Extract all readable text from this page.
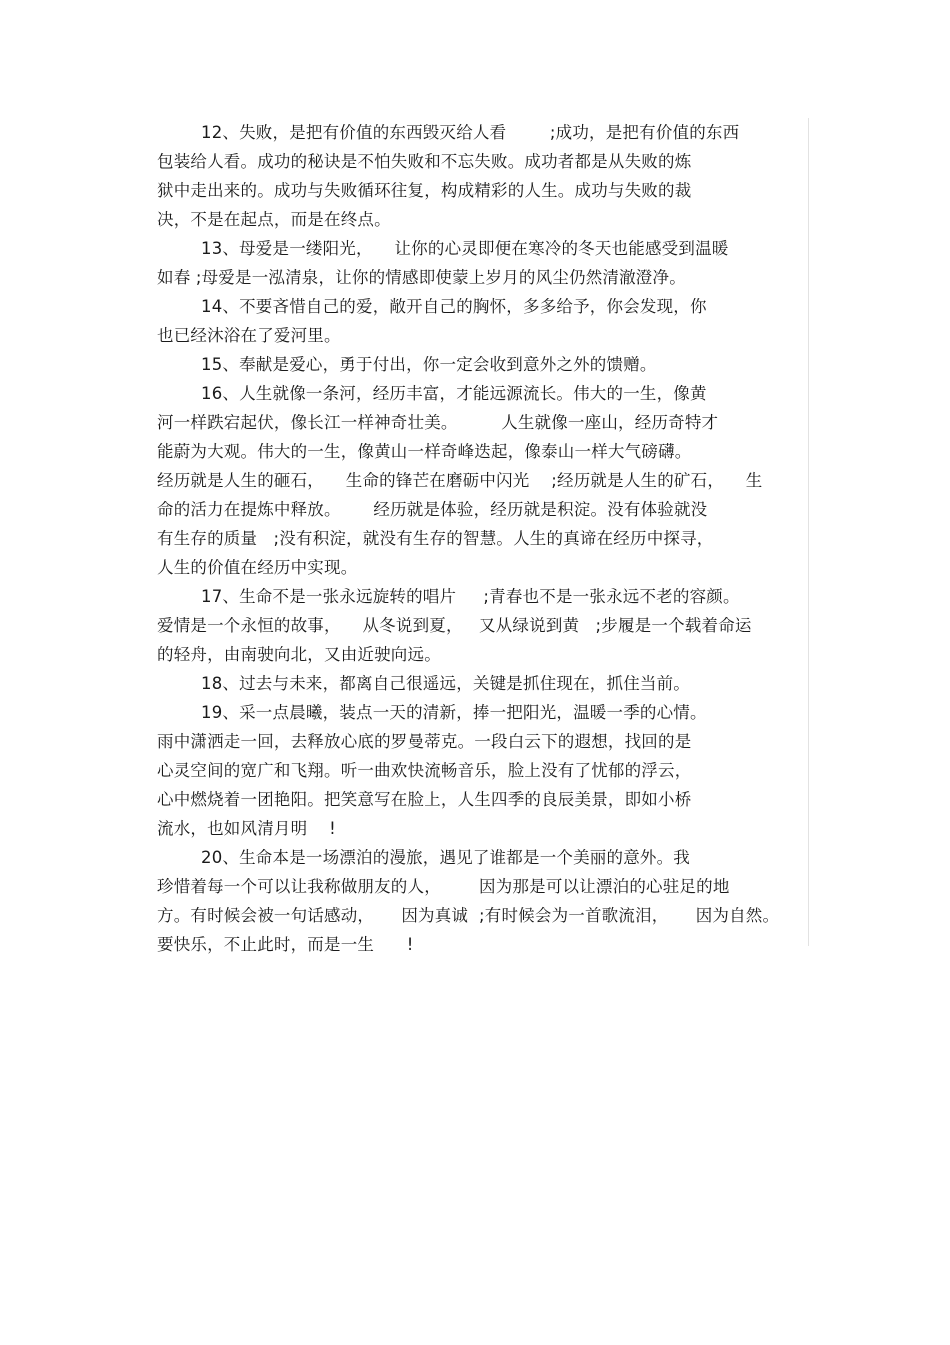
12、失败，是把有价值的东西毁灭给人看        ;成功，是把有价值的东西
包装给人看。成功的秘诀是不怕失败和不忘失败。成功者都是从失败的炼
狱中走出来的。成功与失败循环往复，构成精彩的人生。成功与失败的裁
决，不是在起点，而是在终点。
13、母爱是一缕阳光，    让你的心灵即便在寒冷的冬天也能感受到温暖
如春 ;母爱是一泓清泉，让你的情感即使蒙上岁月的风尘仍然清澈澄净。
14、不要吝惜自己的爱，敞开自己的胸怀，多多给予，你会发现，你
也已经沐浴在了爱河里。
15、奉献是爱心，勇于付出，你一定会收到意外之外的馈赠。
16、人生就像一条河，经历丰富，才能远源流长。伟大的一生，像黄
河一样跌宕起伏，像长江一样神奇壮美。        人生就像一座山，经历奇特才
能蔚为大观。伟大的一生，像黄山一样奇峰迭起，像泰山一样大气磅礴。
经历就是人生的砸石，    生命的锋芒在磨砺中闪光    ;经历就是人生的矿石，    生
命的活力在提炼中释放。      经历就是体验，经历就是积淀。没有体验就没
有生存的质量   ;没有积淀，就没有生存的智慧。人生的真谛在经历中探寻，
人生的价值在经历中实现。
17、生命不是一张永远旋转的唱片     ;青春也不是一张永远不老的容颜。
爱情是一个永恒的故事，    从冬说到夏，   又从绿说到黄   ;步履是一个载着命运
的轻舟，由南驶向北，又由近驶向远。
18、过去与未来，都离自己很遥远，关键是抓住现在，抓住当前。
19、采一点晨曦，装点一天的清新，捧一把阳光，温暖一季的心情。
雨中潇洒走一回，去释放心底的罗曼蒂克。一段白云下的遐想，找回的是
心灵空间的宽广和飞翔。听一曲欢快流畅音乐，脸上没有了忧郁的浮云，
心中燃烧着一团艳阳。把笑意写在脸上，人生四季的良辰美景，即如小桥
流水，也如风清月明    !
20、生命本是一场漂泊的漫旅，遇见了谁都是一个美丽的意外。我
珍惜着每一个可以让我称做朋友的人，       因为那是可以让漂泊的心驻足的地
方。有时候会被一句话感动，     因为真诚  ;有时候会为一首歌流泪，     因为自然。
要快乐，不止此时，而是一生      !
